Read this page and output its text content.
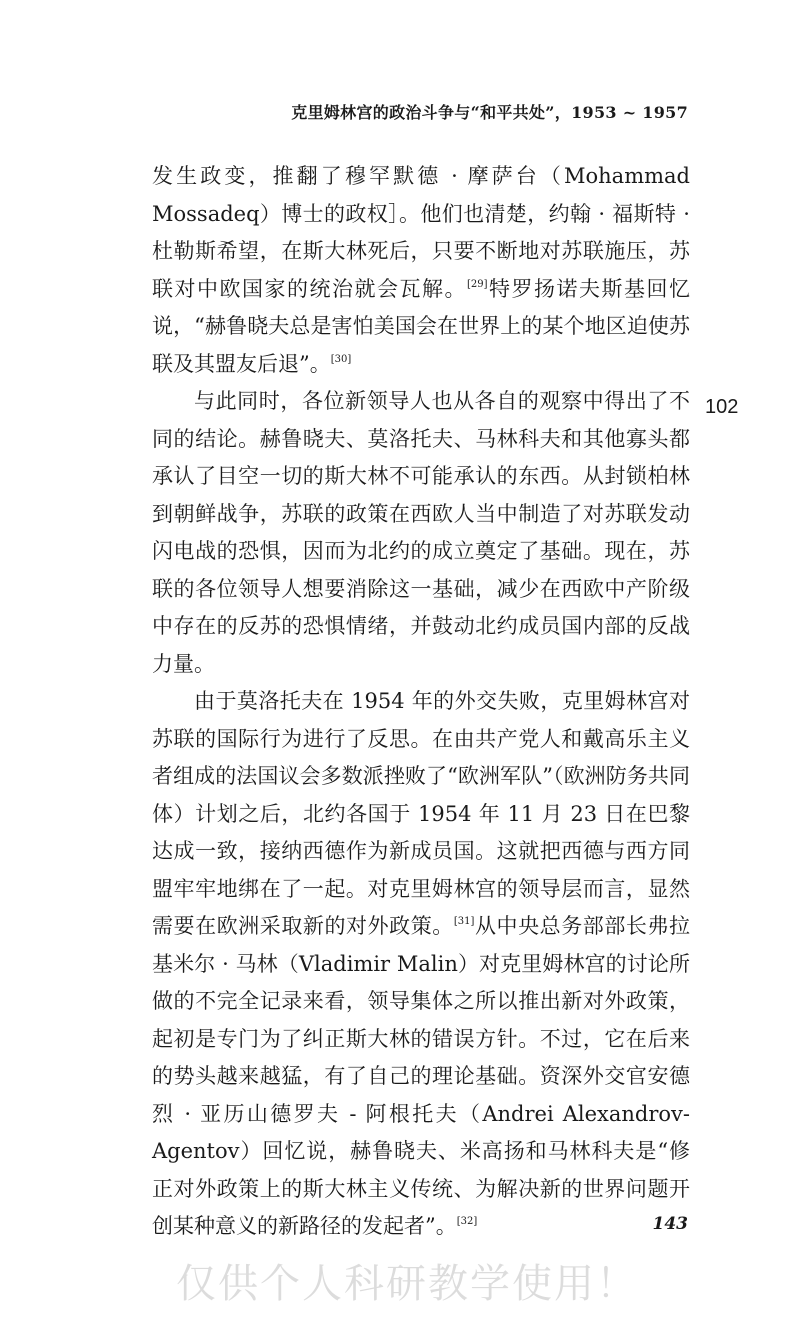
克里姆林宫的政治斗争与“和平共处”，1953 ~ 1957
102

发生政变，推翻了穆罕默德 · 摩萨台（Mohammad Mossadeq）博士的政权］。他们也清楚，约翰 · 福斯特 · 杜勒斯希望，在斯大林死后，只要不断地对苏联施压，苏联对中欧国家的统治就会瓦解。[29]特罗扬诺夫斯基回忆说，“赫鲁晓夫总是害怕美国会在世界上的某个地区迫使苏联及其盟友后退”。[30]

与此同时，各位新领导人也从各自的观察中得出了不同的结论。赫鲁晓夫、莫洛托夫、马林科夫和其他寡头都承认了目空一切的斯大林不可能承认的东西。从封锁柏林到朝鲜战争，苏联的政策在西欧人当中制造了对苏联发动闪电战的恐惧，因而为北约的成立奠定了基础。现在，苏联的各位领导人想要消除这一基础，减少在西欧中产阶级中存在的反苏的恐惧情绪，并鼓动北约成员国内部的反战力量。

由于莫洛托夫在 1954 年的外交失败，克里姆林宫对苏联的国际行为进行了反思。在由共产党人和戴高乐主义者组成的法国议会多数派挫败了“欧洲军队”（欧洲防务共同体）计划之后，北约各国于 1954 年 11 月 23 日在巴黎达成一致，接纳西德作为新成员国。这就把西德与西方同盟牢牢地绑在了一起。对克里姆林宫的领导层而言，显然需要在欧洲采取新的对外政策。[31]从中央总务部部长弗拉基米尔 · 马林（Vladimir Malin）对克里姆林宫的讨论所做的不完全记录来看，领导集体之所以推出新对外政策，起初是专门为了纠正斯大林的错误方针。不过，它在后来的势头越来越猛，有了自己的理论基础。资深外交官安德烈 · 亚历山德罗夫 - 阿根托夫（Andrei Alexandrov-Agentov）回忆说，赫鲁晓夫、米高扬和马林科夫是“修正对外政策上的斯大林主义传统、为解决新的世界问题开创某种意义的新路径的发起者”。[32]	143
仅供个人科研教学使用！
